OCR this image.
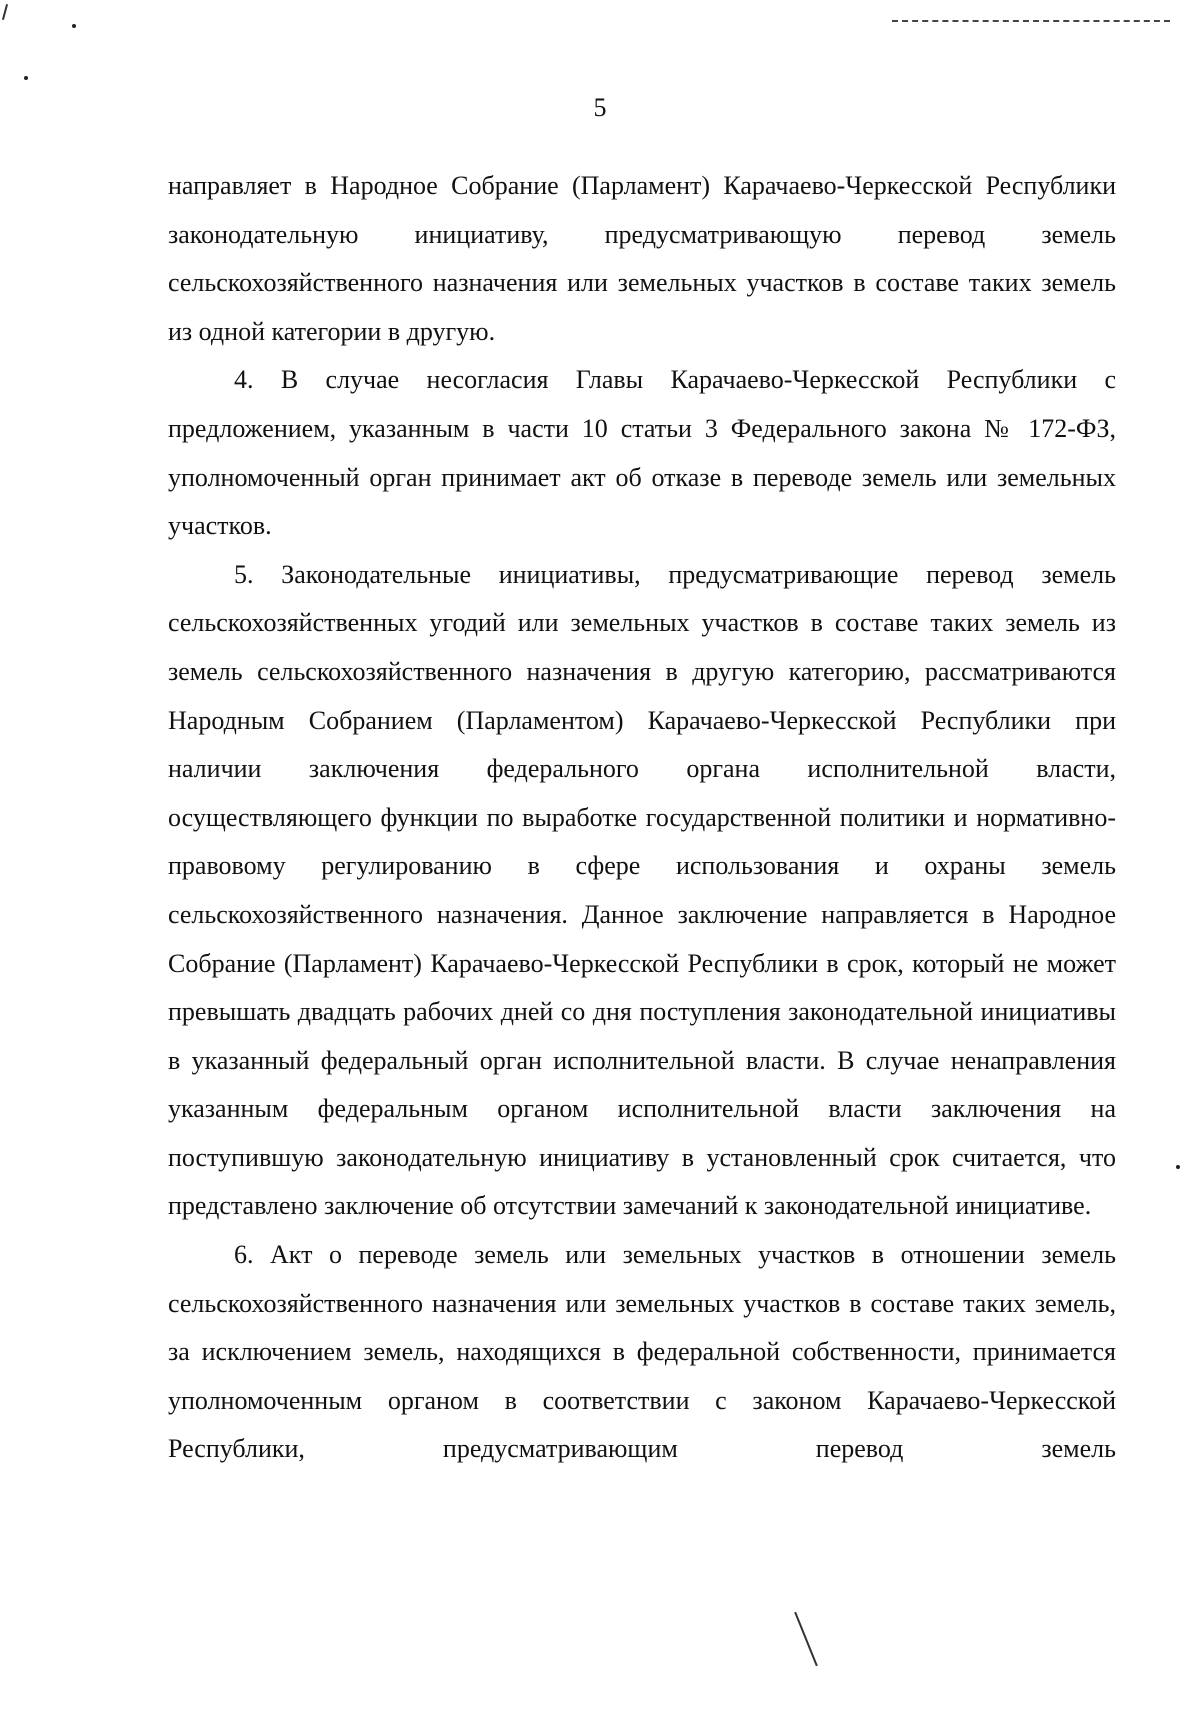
5

направляет в Народное Собрание (Парламент) Карачаево-Черкесской Республики законодательную инициативу, предусматривающую перевод земель сельскохозяйственного назначения или земельных участков в составе таких земель из одной категории в другую.

4. В случае несогласия Главы Карачаево-Черкесской Республики с предложением, указанным в части 10 статьи 3 Федерального закона № 172-ФЗ, уполномоченный орган принимает акт об отказе в переводе земель или земельных участков.

5. Законодательные инициативы, предусматривающие перевод земель сельскохозяйственных угодий или земельных участков в составе таких земель из земель сельскохозяйственного назначения в другую категорию, рассматриваются Народным Собранием (Парламентом) Карачаево-Черкесской Республики при наличии заключения федерального органа исполнительной власти, осуществляющего функции по выработке государственной политики и нормативно-правовому регулированию в сфере использования и охраны земель сельскохозяйственного назначения. Данное заключение направляется в Народное Собрание (Парламент) Карачаево-Черкесской Республики в срок, который не может превышать двадцать рабочих дней со дня поступления законодательной инициативы в указанный федеральный орган исполнительной власти. В случае ненаправления указанным федеральным органом исполнительной власти заключения на поступившую законодательную инициативу в установленный срок считается, что представлено заключение об отсутствии замечаний к законодательной инициативе.

6. Акт о переводе земель или земельных участков в отношении земель сельскохозяйственного назначения или земельных участков в составе таких земель, за исключением земель, находящихся в федеральной собственности, принимается уполномоченным органом в соответствии с законом Карачаево-Черкесской Республики, предусматривающим перевод земель
